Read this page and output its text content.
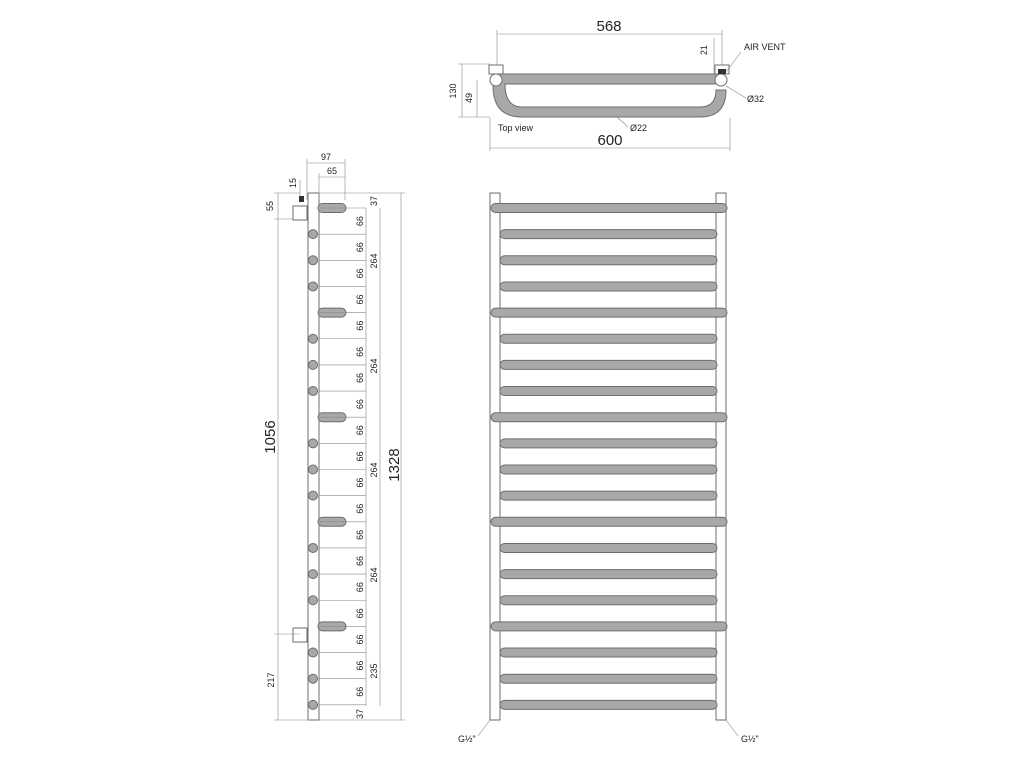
568
21	AIR VENT
Ø32
130 49
Top view	Ø22
600
97
65
15
55
1056
217
1328
66
66
66
66
66
66
66
66
66
66
66
66
66
66
66
66
66
66
66
37
37
264
264
264
264
235
G½"	G½"
